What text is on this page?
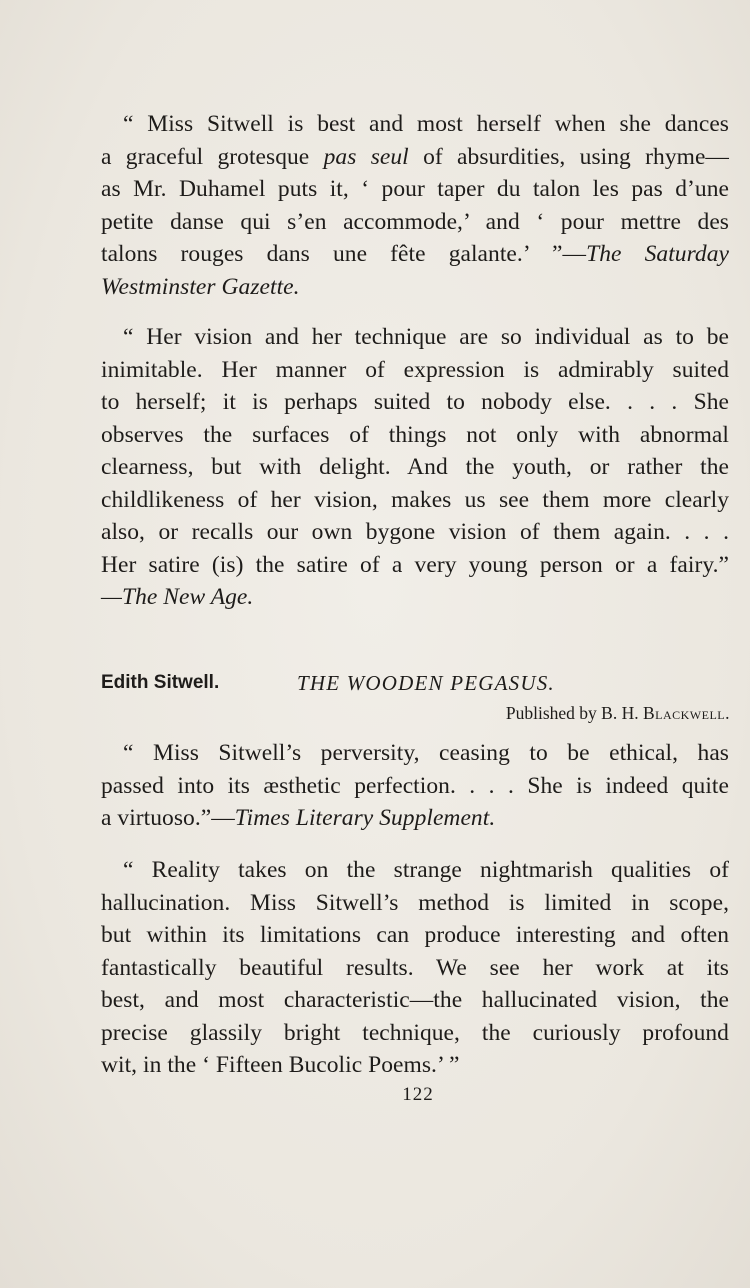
“ Miss Sitwell is best and most herself when she dances
a graceful grotesque pas seul of absurdities, using rhyme—
as Mr. Duhamel puts it, ‘ pour taper du talon les pas d’une
petite danse qui s’en accommode,’ and ‘ pour mettre des
talons rouges dans une fête galante.’ ”—The Saturday
Westminster Gazette.
“ Her vision and her technique are so individual as to be
inimitable. Her manner of expression is admirably suited
to herself; it is perhaps suited to nobody else. . . . She
observes the surfaces of things not only with abnormal
clearness, but with delight. And the youth, or rather the
childlikeness of her vision, makes us see them more clearly
also, or recalls our own bygone vision of them again. . . .
Her satire (is) the satire of a very young person or a fairy.”
—The New Age.
Edith Sitwell.	THE WOODEN PEGASUS.
Published by B. H. Blackwell.
“ Miss Sitwell’s perversity, ceasing to be ethical, has
passed into its æsthetic perfection. . . . She is indeed quite
a virtuoso.”—Times Literary Supplement.
“ Reality takes on the strange nightmarish qualities of
hallucination. Miss Sitwell’s method is limited in scope,
but within its limitations can produce interesting and often
fantastically beautiful results. We see her work at its
best, and most characteristic—the hallucinated vision, the
precise glassily bright technique, the curiously profound
wit, in the ‘ Fifteen Bucolic Poems.’ ”
122
